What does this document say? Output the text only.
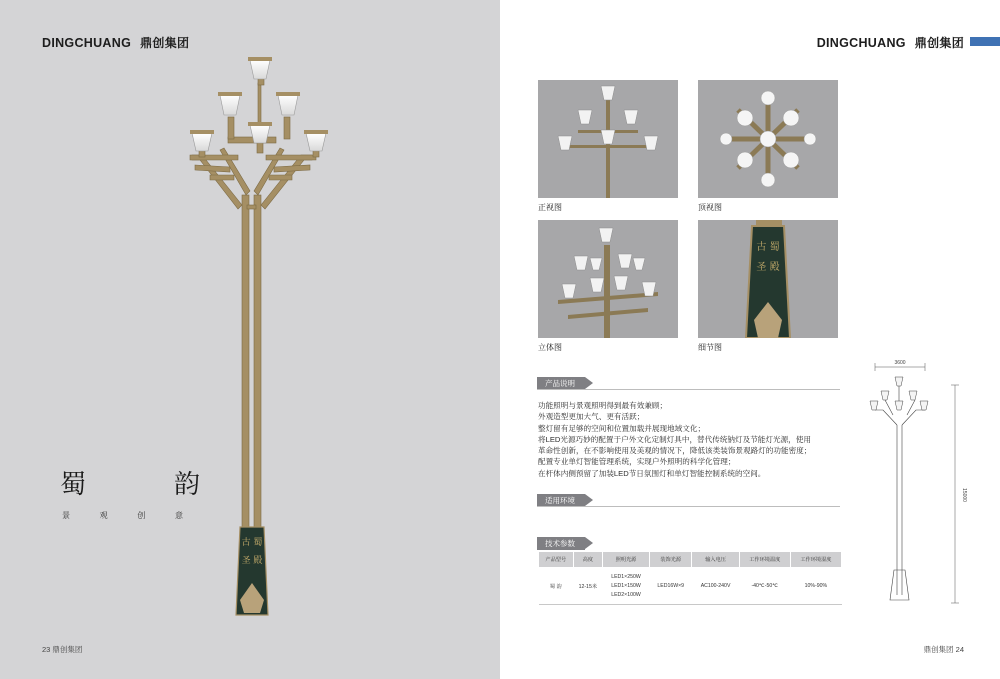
DINGCHUANG 鼎创集团
古 蜀
圣 殿
蜀	韵
景	观	创	意
23 鼎创集团
DINGCHUANG 鼎创集团
正视图	顶视图
立体图
古 蜀
圣 殿
细节图
产品说明
功能照明与景观照明得到最有效兼顾；
外观造型更加大气、更有活跃；
整灯留有足够的空间和位置加载并展现地域文化；
将LED光源巧妙的配置于户外文化定制灯具中，替代传统钠灯及节能灯光源，使用
革命性创新，在不影响使用及美观的情况下，降低该类装饰景观路灯的功能密度；
配置专业单灯智能管理系统，实现户外照明的科学化管理；
在杆体内侧预留了加装LED节日氛围灯和单灯智能控制系统的空间。
适用环境
技术参数
产品型号	高度	照明光源	装饰光源	输入电压	工作环境温度	工作环境湿度
蜀 韵	12-15米	LED1×250W
LED1×150W
LED2×100W	LED16W×9	AC100-240V	-40℃-50℃	10%-90%
3600
15000
鼎创集团 24
